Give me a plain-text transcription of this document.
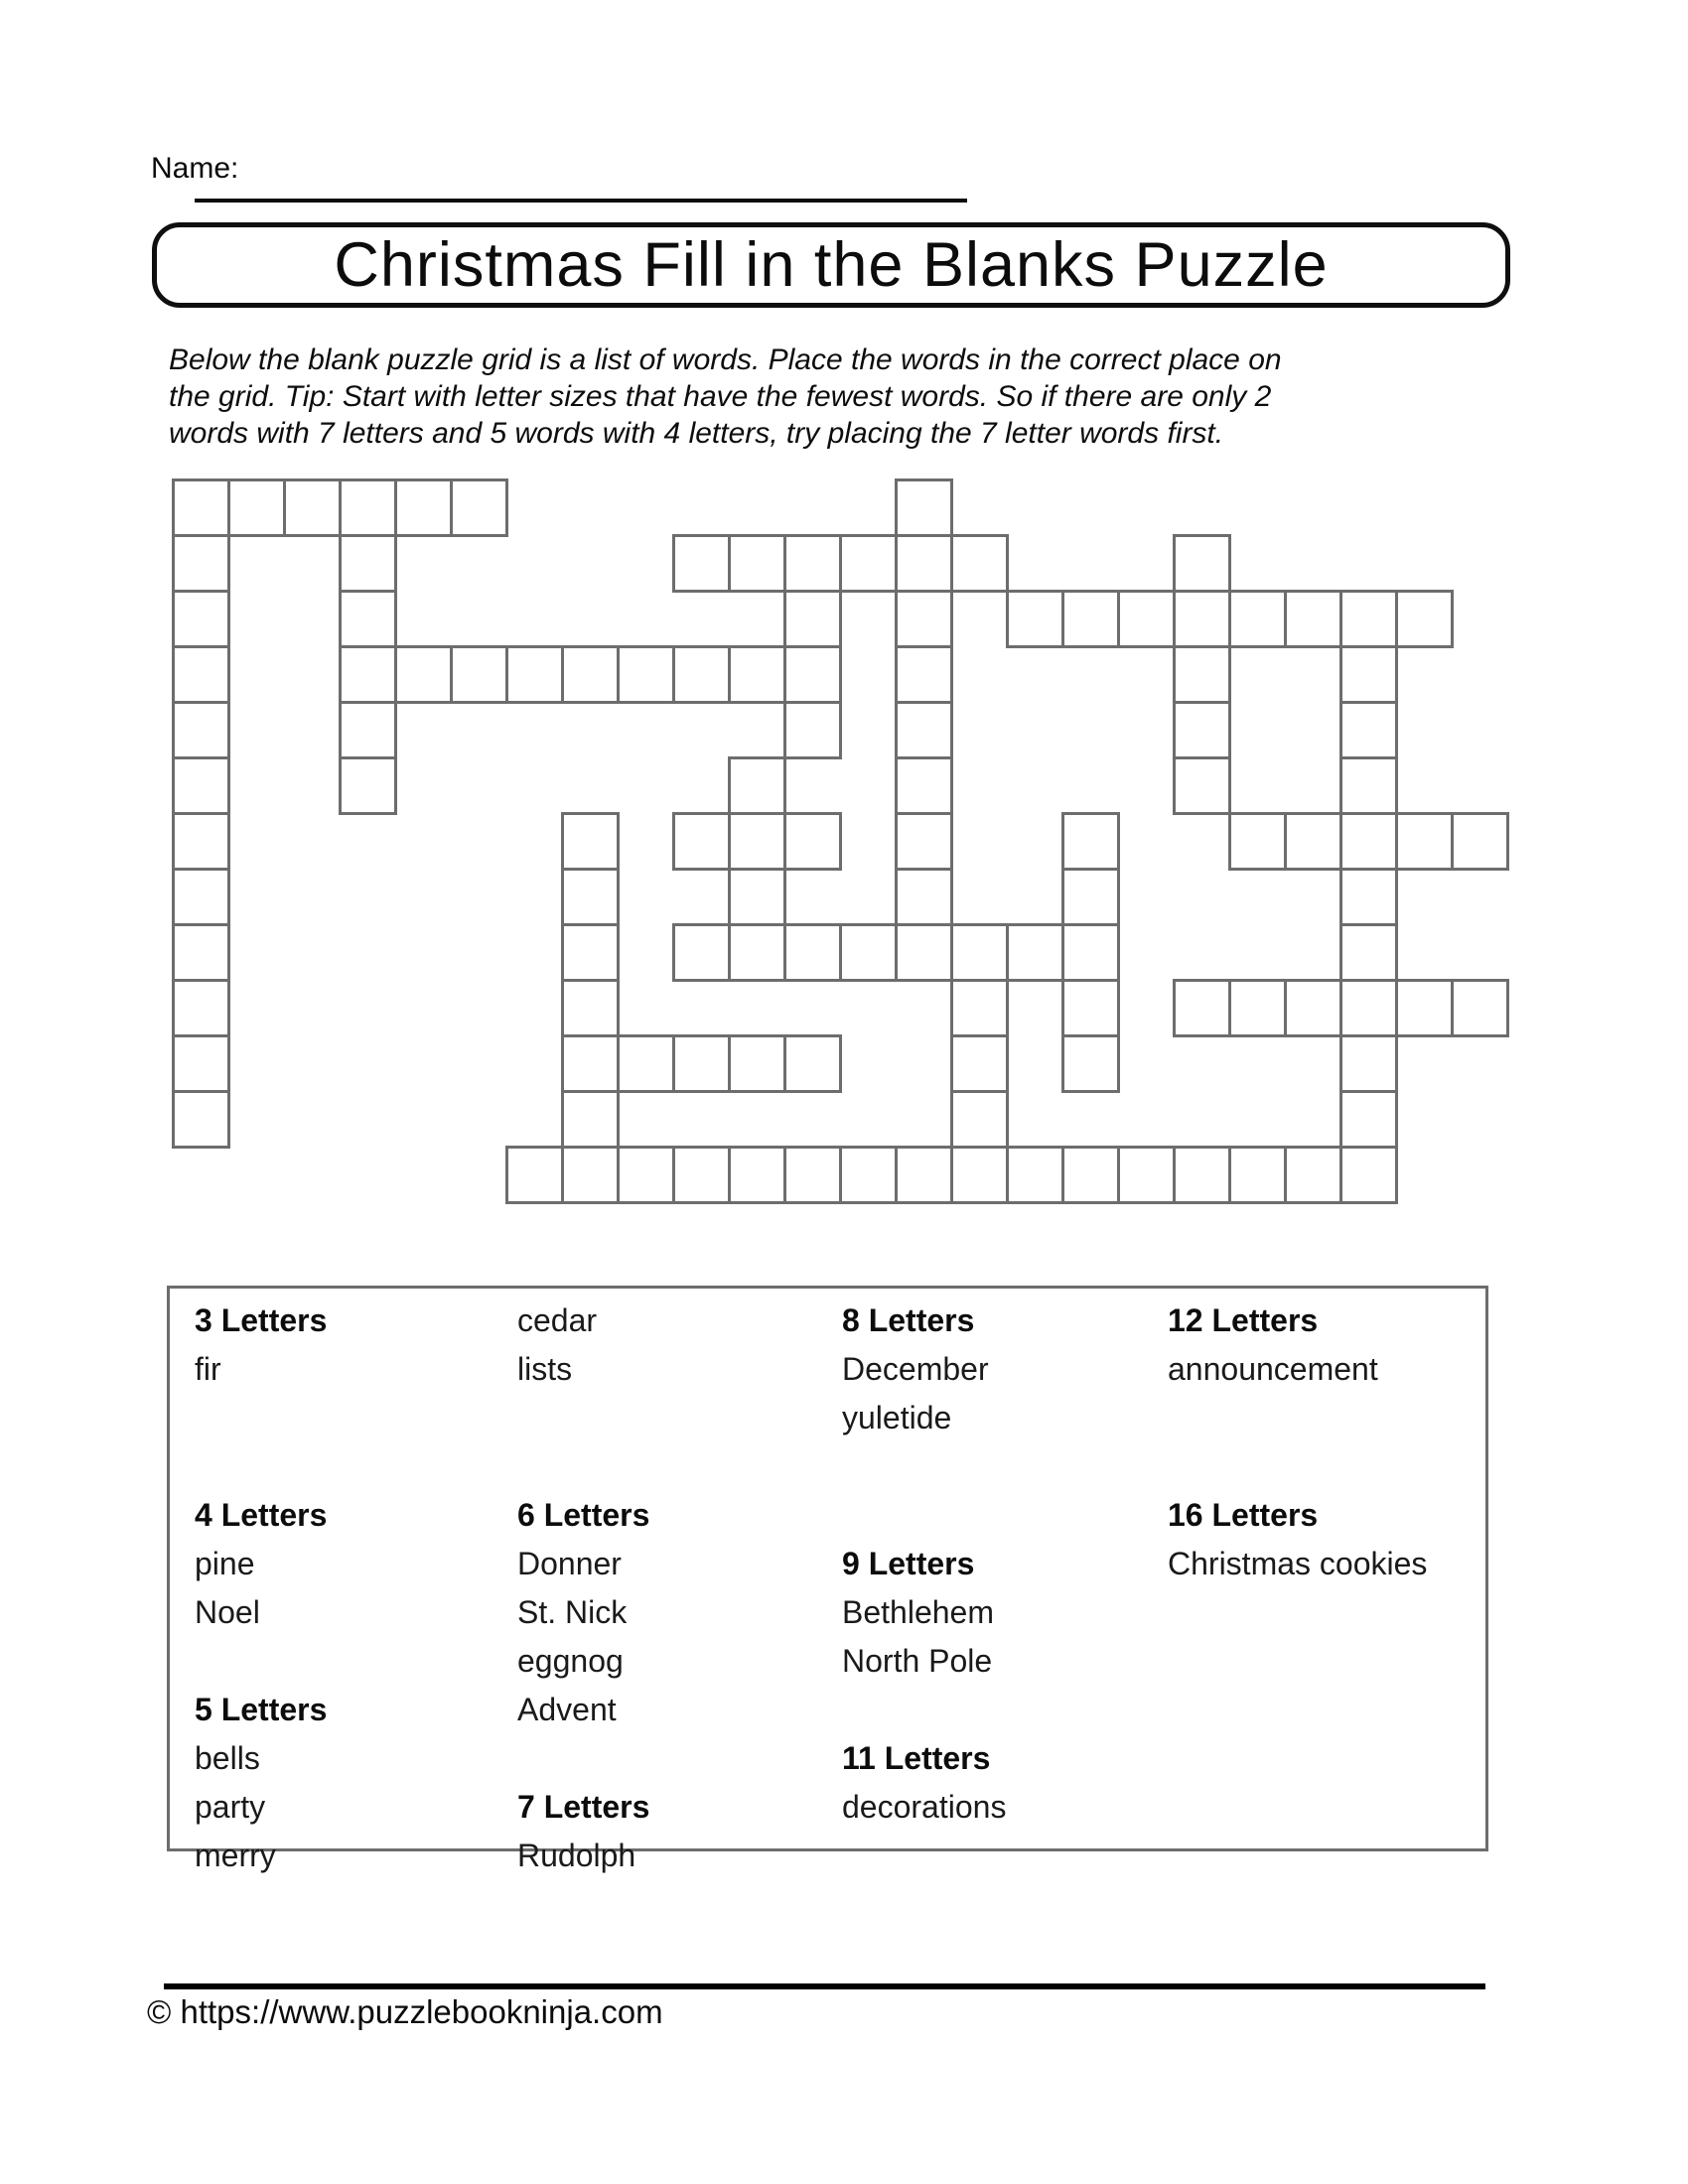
Name:
Christmas Fill in the Blanks Puzzle
Below the blank puzzle grid is a list of words. Place the words in the correct place on
the grid. Tip: Start with letter sizes that have the fewest words. So if there are only 2
words with 7 letters and 5 words with 4 letters, try placing the 7 letter words first.
3 Letters
fir
4 Letters
pine
Noel
5 Letters
bells
party
merry
cedar
lists
6 Letters
Donner
St. Nick
eggnog
Advent
7 Letters
Rudolph
8 Letters
December
yuletide
9 Letters
Bethlehem
North Pole
11 Letters
decorations
12 Letters
announcement
16 Letters
Christmas cookies
© https://www.puzzlebookninja.com
